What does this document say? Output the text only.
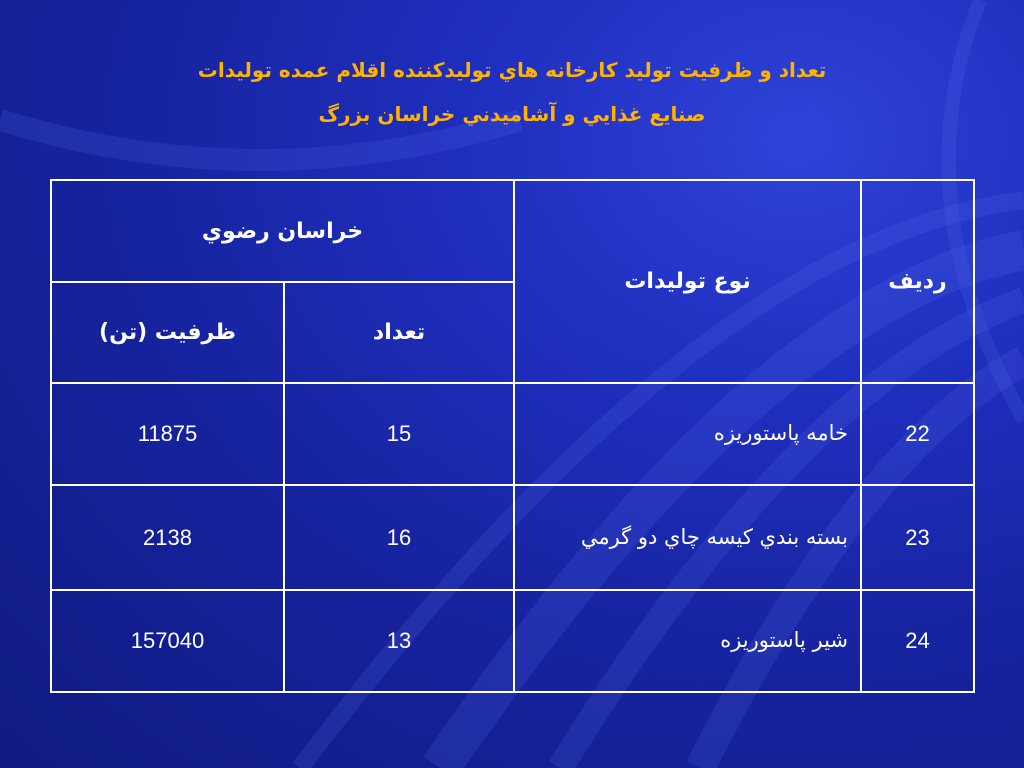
تعداد و ظرفيت توليد كارخانه هاي توليدكننده اقلام عمده توليدات
صنايع غذايي و آشاميدني خراسان بزرگ
رديف	نوع توليدات	خراسان رضوي	
		تعداد	ظرفيت (تن)
22	خامه پاستوريزه	15	11875
23	بسته بندي كيسه چاي دو گرمي	16	2138
24	شير پاستوريزه	13	157040
